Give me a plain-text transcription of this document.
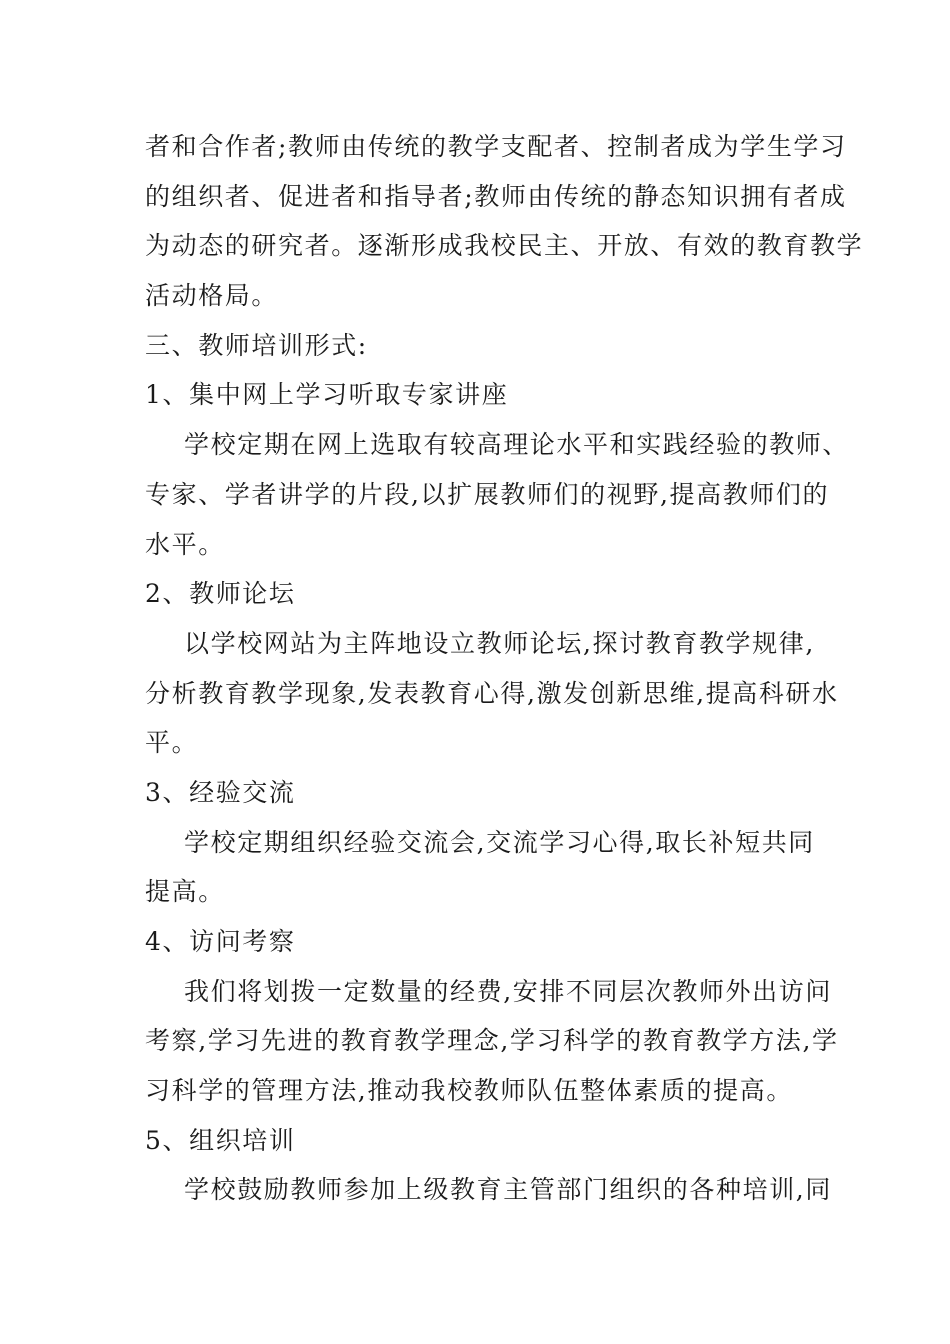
者和合作者;教师由传统的教学支配者、控制者成为学生学习
的组织者、促进者和指导者;教师由传统的静态知识拥有者成
为动态的研究者。逐渐形成我校民主、开放、有效的教育教学
活动格局。
三、教师培训形式:
1、集中网上学习听取专家讲座
学校定期在网上选取有较高理论水平和实践经验的教师、
专家、学者讲学的片段,以扩展教师们的视野,提高教师们的
水平。
2、教师论坛
以学校网站为主阵地设立教师论坛,探讨教育教学规律,
分析教育教学现象,发表教育心得,激发创新思维,提高科研水
平。
3、经验交流
学校定期组织经验交流会,交流学习心得,取长补短共同
提高。
4、访问考察
我们将划拨一定数量的经费,安排不同层次教师外出访问
考察,学习先进的教育教学理念,学习科学的教育教学方法,学
习科学的管理方法,推动我校教师队伍整体素质的提高。
5、组织培训
学校鼓励教师参加上级教育主管部门组织的各种培训,同
